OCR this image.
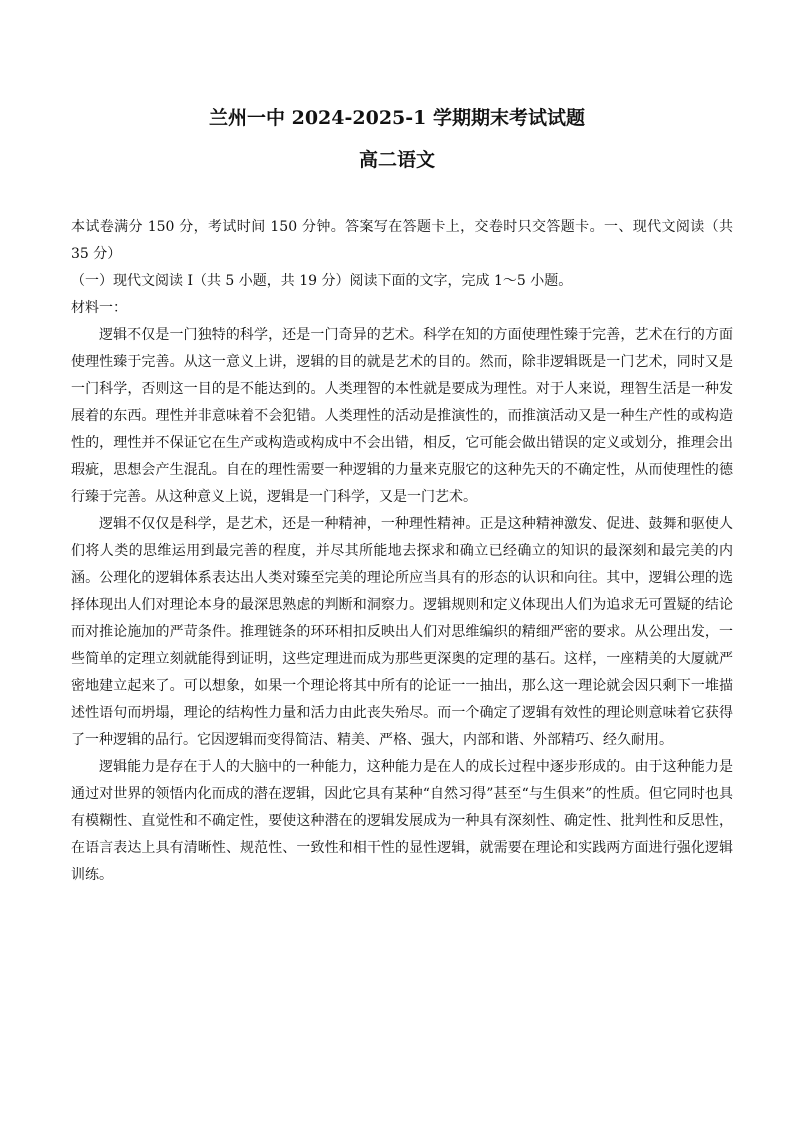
兰州一中 2024-2025-1 学期期末考试试题
高二语文

本试卷满分 150 分，考试时间 150 分钟。答案写在答题卡上，交卷时只交答题卡。一、现代文阅读（共 35 分）

（一）现代文阅读 I（共 5 小题，共 19 分）阅读下面的文字，完成 1～5 小题。

材料一：

逻辑不仅是一门独特的科学，还是一门奇异的艺术。科学在知的方面使理性臻于完善，艺术在行的方面使理性臻于完善。从这一意义上讲，逻辑的目的就是艺术的目的。然而，除非逻辑既是一门艺术，同时又是一门科学，否则这一目的是不能达到的。人类理智的本性就是要成为理性。对于人来说，理智生活是一种发展着的东西。理性并非意味着不会犯错。人类理性的活动是推演性的，而推演活动又是一种生产性的或构造性的，理性并不保证它在生产或构造或构成中不会出错，相反，它可能会做出错误的定义或划分，推理会出瑕疵，思想会产生混乱。自在的理性需要一种逻辑的力量来克服它的这种先天的不确定性，从而使理性的德行臻于完善。从这种意义上说，逻辑是一门科学，又是一门艺术。

逻辑不仅仅是科学，是艺术，还是一种精神，一种理性精神。正是这种精神激发、促进、鼓舞和驱使人们将人类的思维运用到最完善的程度，并尽其所能地去探求和确立已经确立的知识的最深刻和最完美的内涵。公理化的逻辑体系表达出人类对臻至完美的理论所应当具有的形态的认识和向往。其中，逻辑公理的选择体现出人们对理论本身的最深思熟虑的判断和洞察力。逻辑规则和定义体现出人们为追求无可置疑的结论而对推论施加的严苛条件。推理链条的环环相扣反映出人们对思维编织的精细严密的要求。从公理出发，一些简单的定理立刻就能得到证明，这些定理进而成为那些更深奥的定理的基石。这样，一座精美的大厦就严密地建立起来了。可以想象，如果一个理论将其中所有的论证一一抽出，那么这一理论就会因只剩下一堆描述性语句而坍塌，理论的结构性力量和活力由此丧失殆尽。而一个确定了逻辑有效性的理论则意味着它获得了一种逻辑的品行。它因逻辑而变得简洁、精美、严格、强大，内部和谐、外部精巧、经久耐用。

逻辑能力是存在于人的大脑中的一种能力，这种能力是在人的成长过程中逐步形成的。由于这种能力是通过对世界的领悟内化而成的潜在逻辑，因此它具有某种“自然习得”甚至“与生俱来”的性质。但它同时也具有模糊性、直觉性和不确定性，要使这种潜在的逻辑发展成为一种具有深刻性、确定性、批判性和反思性，在语言表达上具有清晰性、规范性、一致性和相干性的显性逻辑，就需要在理论和实践两方面进行强化逻辑训练。
